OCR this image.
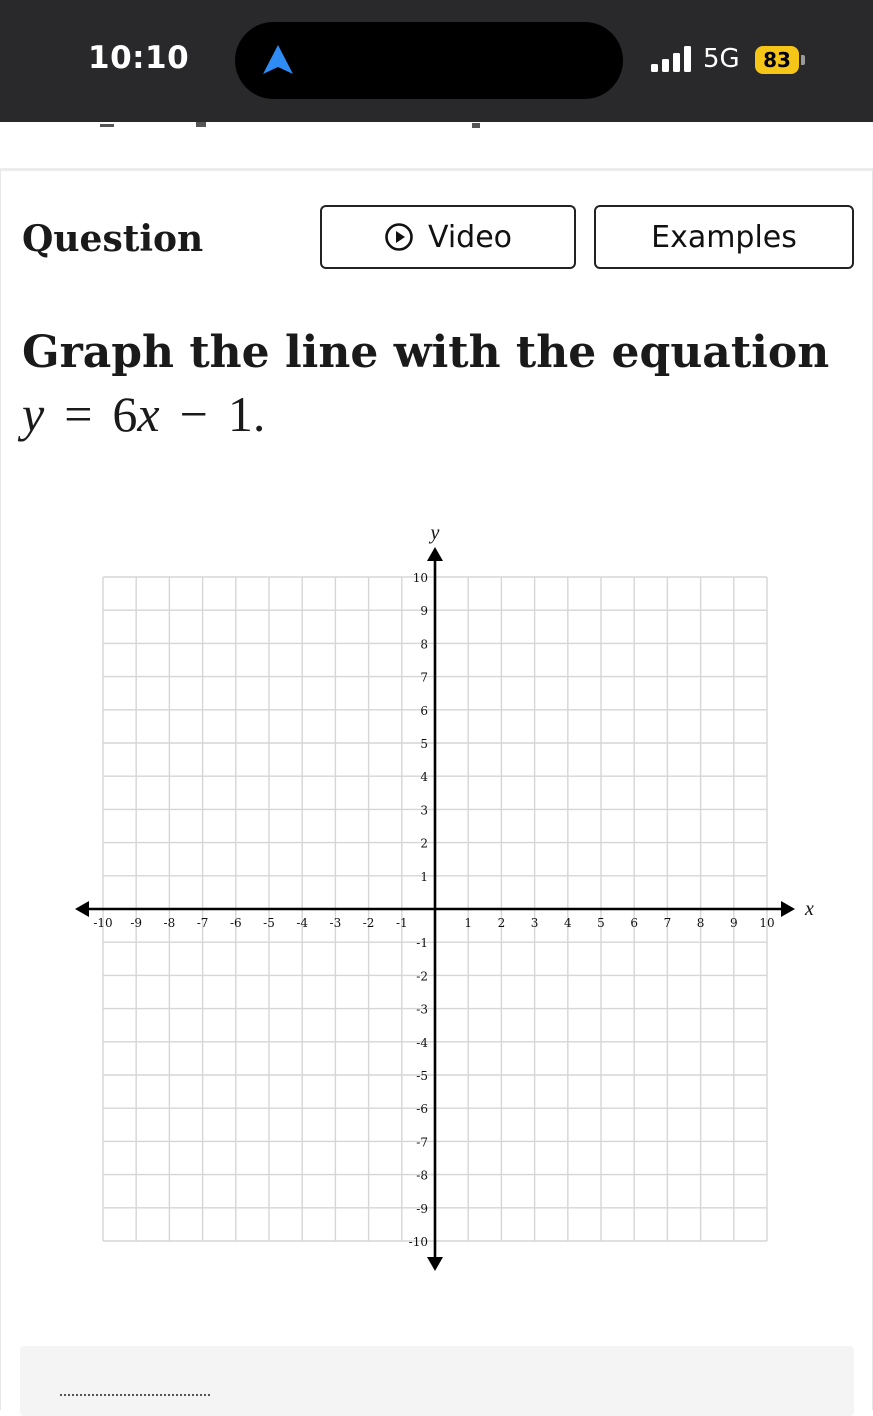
10:10	5G	83
Question	Video	Examples
Graph the line with the equation
y = 6x − 1.
x
y
-10 -9 -8 -7 -6 -5 -4 -3 -2 -1	1 2 3 4 5 6 7 8 9 10
-10
-9
-8
-7
-6
-5
-4
-3
-2
-1
1
2
3
4
5
6
7
8
9
10
